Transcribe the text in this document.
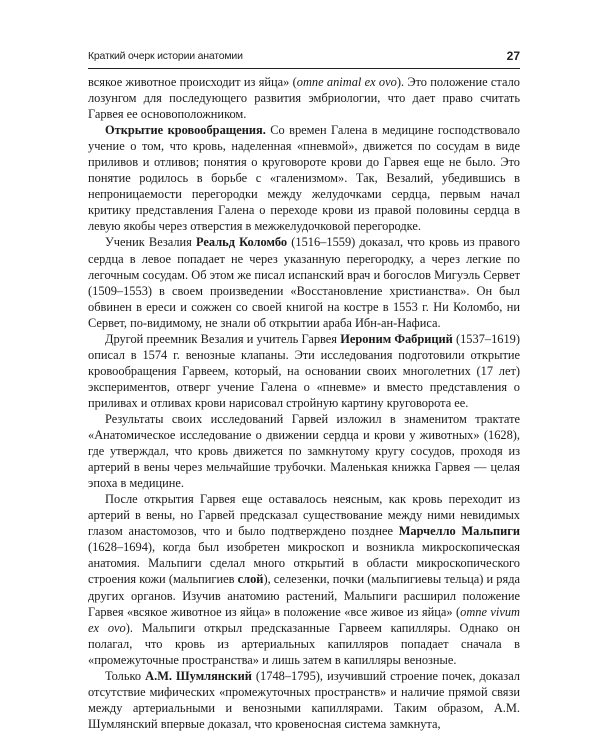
Краткий очерк истории анатомии	27

всякое животное происходит из яйца» (omne animal ex ovo). Это положение стало лозунгом для последующего развития эмбриологии, что дает право считать Гарвея ее основоположником.

Открытие кровообращения. Со времен Галена в медицине господствовало учение о том, что кровь, наделенная «пневмой», движется по сосудам в виде приливов и отливов; понятия о круговороте крови до Гарвея еще не было. Это понятие родилось в борьбе с «галенизмом». Так, Везалий, убедившись в непроницаемости перегородки между желудочками сердца, первым начал критику представления Галена о переходе крови из правой половины сердца в левую якобы через отверстия в межжелудочковой перегородке.

Ученик Везалия Реальд Коломбо (1516–1559) доказал, что кровь из правого сердца в левое попадает не через указанную перегородку, а через легкие по легочным сосудам. Об этом же писал испанский врач и богослов Мигуэль Сервет (1509–1553) в своем произведении «Восстановление христианства». Он был обвинен в ереси и сожжен со своей книгой на костре в 1553 г. Ни Коломбо, ни Сервет, по-видимому, не знали об открытии араба Ибн-ан-Нафиса.

Другой преемник Везалия и учитель Гарвея Иероним Фабриций (1537–1619) описал в 1574 г. венозные клапаны. Эти исследования подготовили открытие кровообращения Гарвеем, который, на основании своих многолетних (17 лет) экспериментов, отверг учение Галена о «пневме» и вместо представления о приливах и отливах крови нарисовал стройную картину круговорота ее.

Результаты своих исследований Гарвей изложил в знаменитом трактате «Анатомическое исследование о движении сердца и крови у животных» (1628), где утверждал, что кровь движется по замкнутому кругу сосудов, проходя из артерий в вены через мельчайшие трубочки. Маленькая книжка Гарвея — целая эпоха в медицине.

После открытия Гарвея еще оставалось неясным, как кровь переходит из артерий в вены, но Гарвей предсказал существование между ними невидимых глазом анастомозов, что и было подтверждено позднее Марчелло Мальпиги (1628–1694), когда был изобретен микроскоп и возникла микроскопическая анатомия. Мальпиги сделал много открытий в области микроскопического строения кожи (мальпигиев слой), селезенки, почки (мальпигиевы тельца) и ряда других органов. Изучив анатомию растений, Мальпиги расширил положение Гарвея «всякое животное из яйца» в положение «все живое из яйца» (omne vivum ex ovo). Мальпиги открыл предсказанные Гарвеем капилляры. Однако он полагал, что кровь из артериальных капилляров попадает сначала в «промежуточные пространства» и лишь затем в капилляры венозные.

Только А.М. Шумлянский (1748–1795), изучивший строение почек, доказал отсутствие мифических «промежуточных пространств» и наличие прямой связи между артериальными и венозными капиллярами. Таким образом, А.М. Шумлянский впервые доказал, что кровеносная система замкнута,
